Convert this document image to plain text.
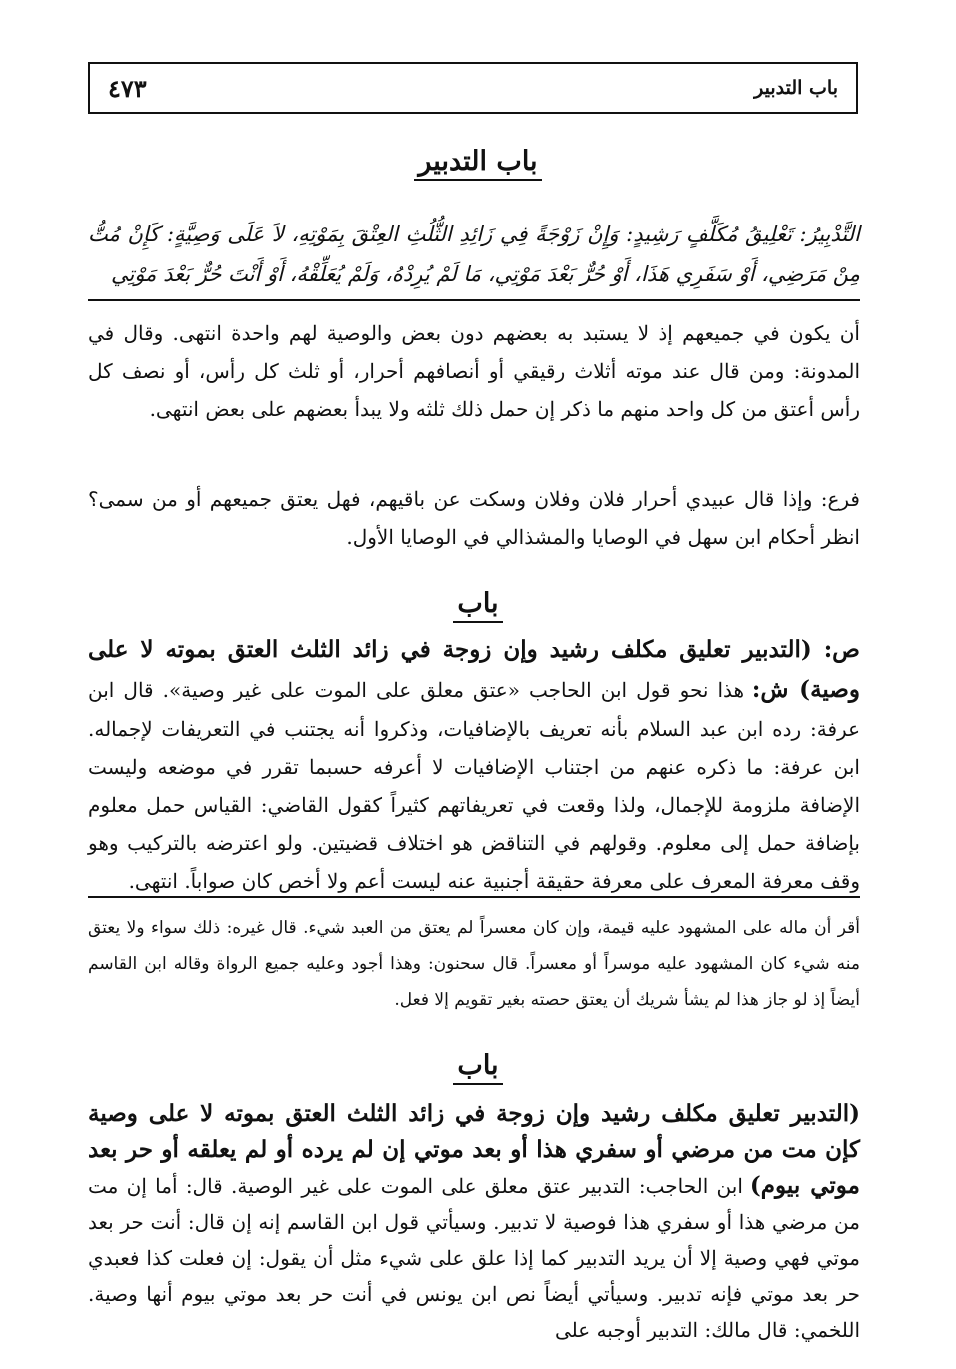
باب التدبير
٤٧٣
باب التدبير
التَّدْبِيرُ: تَعْلِيقُ مُكَلَّفٍ رَشِيدٍ: وَإِنْ زَوْجَةً فِي زَائِدِ الثُّلُثِ العِتْقَ بِمَوْتِهِ، لاَ عَلَى وَصِيَّةٍ: كَإِنْ مُتُّ مِنْ مَرَضِي، أَوْ سَفَرِي هَذَا، أَوْ حُرٌّ بَعْدَ مَوْتِي، مَا لَمْ يُرِدْهُ، وَلَمْ يُعَلِّقْهُ، أَوْ أَنْتَ حُرٌّ بَعْدَ مَوْتِي
أن يكون في جميعهم إذ لا يستبد به بعضهم دون بعض والوصية لهم واحدة انتهى. وقال في المدونة: ومن قال عند موته أثلاث رقيقي أو أنصافهم أحرار، أو ثلث كل رأس، أو نصف كل رأس أعتق من كل واحد منهم ما ذكر إن حمل ذلك ثلثه ولا يبدأ بعضهم على بعض انتهى.
فرع: وإذا قال عبيدي أحرار فلان وفلان وسكت عن باقيهم، فهل يعتق جميعهم أو من سمى؟ انظر أحكام ابن سهل في الوصايا والمشذالي في الوصايا الأول.
باب
ص: (التدبير تعليق مكلف رشيد وإن زوجة في زائد الثلث العتق بموته لا على وصية) ش: هذا نحو قول ابن الحاجب «عتق معلق على الموت على غير وصية». قال ابن عرفة: رده ابن عبد السلام بأنه تعريف بالإضافيات، وذكروا أنه يجتنب في التعريفات لإجماله. ابن عرفة: ما ذكره عنهم من اجتناب الإضافيات لا أعرفه حسبما تقرر في موضعه وليست الإضافة ملزومة للإجمال، ولذا وقعت في تعريفاتهم كثيراً كقول القاضي: القياس حمل معلوم بإضافة حمل إلى معلوم. وقولهم في التناقض هو اختلاف قضيتين. ولو اعترضه بالتركيب وهو وقف معرفة المعرف على معرفة حقيقة أجنبية عنه ليست أعم ولا أخص كان صواباً. انتهى.
أقر أن ماله على المشهود عليه قيمة، وإن كان معسراً لم يعتق من العبد شيء. قال غيره: ذلك سواء ولا يعتق منه شيء كان المشهود عليه موسراً أو معسراً. قال سحنون: وهذا أجود وعليه جميع الرواة وقاله ابن القاسم أيضاً إذ لو جاز هذا لم يشأ شريك أن يعتق حصته بغير تقويم إلا فعل.
باب
(التدبير تعليق مكلف رشيد وإن زوجة في زائد الثلث العتق بموته لا على وصية كإن مت من مرضي أو سفري هذا أو بعد موتي إن لم يرده أو لم يعلقه أو حر بعد موتي بيوم) ابن الحاجب: التدبير عتق معلق على الموت على غير الوصية. قال: أما إن مت من مرضي هذا أو سفري هذا فوصية لا تدبير. وسيأتي قول ابن القاسم إنه إن قال: أنت حر بعد موتي فهي وصية إلا أن يريد التدبير كما إذا علق على شيء مثل أن يقول: إن فعلت كذا فعبدي حر بعد موتي فإنه تدبير. وسيأتي أيضاً نص ابن يونس في أنت حر بعد موتي بيوم أنها وصية. اللخمي: قال مالك: التدبير أوجبه على
